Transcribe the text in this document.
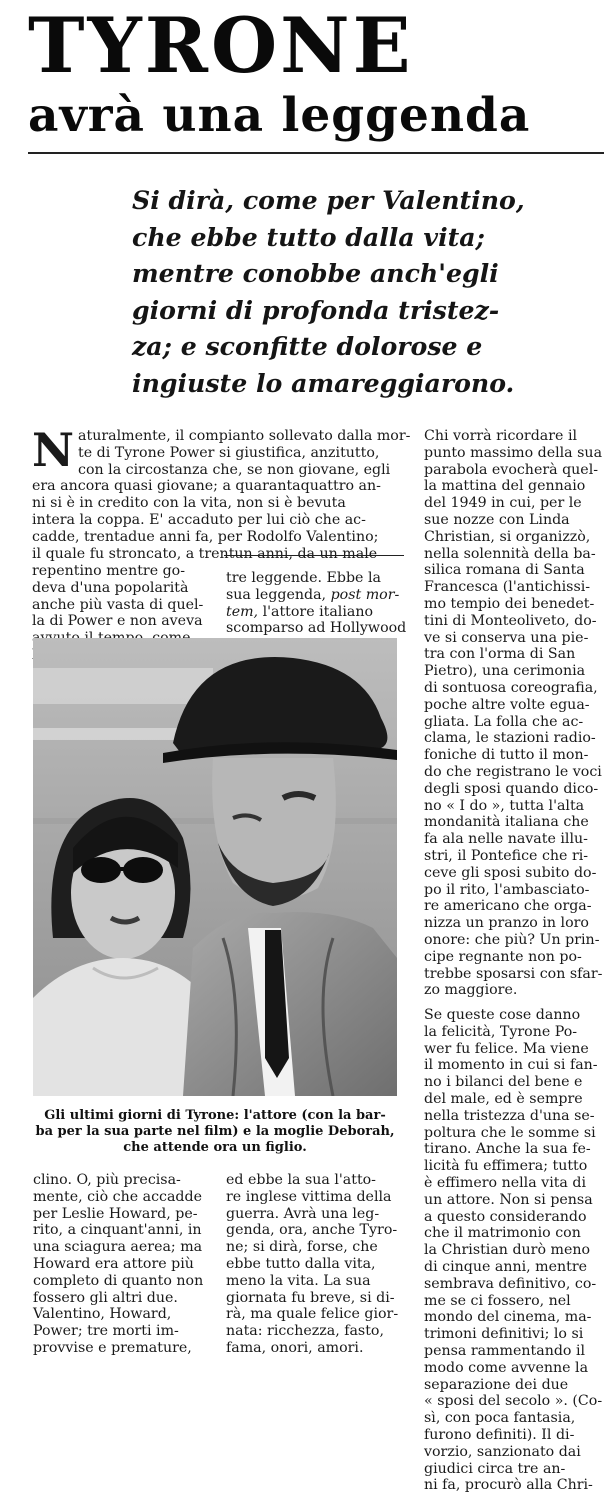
TYRONE
avrà una leggenda
Si dirà, come per Valentino,
che ebbe tutto dalla vita;
mentre conobbe anch'egli
giorni di profonda tristez-
za; e sconfitte dolorose e
ingiuste lo amareggiarono.
N aturalmente, il compianto sollevato dalla mor-
te di Tyrone Power si giustifica, anzitutto,
con la circostanza che, se non giovane, egli
era ancora quasi giovane; a quarantaquattro an-
ni si è in credito con la vita, non si è bevuta
intera la coppa. E' accaduto per lui ciò che ac-
cadde, trentadue anni fa, per Rodolfo Valentino;
il quale fu stroncato, a trentun anni, da un male
repentino mentre go-
deva d'una popolarità
anche più vasta di quel-
la di Power e non aveva
tre leggende. Ebbe la
sua leggenda, post mor-
tem, l'attore italiano
scomparso ad Hollywood
Chi vorrà ricordare il
punto massimo della sua
parabola evocherà quel-
la mattina del gennaio
del 1949 in cui, per le
sue nozze con Linda
Christian, si organizzò,
nella solennità della ba-
silica romana di Santa
Francesca (l'antichissi-
mo tempio dei benedet-
tini di Monteoliveto, do-
ve si conserva una pie-
tra con l'orma di San
Pietro), una cerimonia
di sontuosa coreografia,
poche altre volte egua-
gliata. La folla che ac-
clama, le stazioni radio-
foniche di tutto il mon-
do che registrano le voci
degli sposi quando dico-
no « I do », tutta l'alta
mondanità italiana che
fa ala nelle navate illu-
stri, il Pontefice che ri-
ceve gli sposi subito do-
po il rito, l'ambasciato-
re americano che orga-
nizza un pranzo in loro
onore: che più? Un prin-
cipe regnante non po-
trebbe sposarsi con sfar-
zo maggiore.
Se queste cose danno
la felicità, Tyrone Po-
wer fu felice. Ma viene
il momento in cui si fan-
no i bilanci del bene e
del male, ed è sempre
nella tristezza d'una se-
poltura che le somme si
tirano. Anche la sua fe-
licità fu effimera; tutto
è effimero nella vita di
un attore. Non si pensa
a questo considerando
che il matrimonio con
la Christian durò meno
di cinque anni, mentre
sembrava definitivo, co-
me se ci fossero, nel
mondo del cinema, ma-
trimoni definitivi; lo si
pensa rammentando il
modo come avvenne la
separazione dei due
« sposi del secolo ». (Co-
sì, con poca fantasia,
furono definiti). Il di-
vorzio, sanzionato dai
giudici circa tre an-
ni fa, procurò alla Chri-
Gli ultimi giorni di Tyrone: l'attore (con la bar-
ba per la sua parte nel film) e la moglie Deborah,
che attende ora un figlio.
clino. O, più precisa-
mente, ciò che accadde
per Leslie Howard, pe-
rito, a cinquant'anni, in
una sciagura aerea; ma
Howard era attore più
completo di quanto non
fossero gli altri due.
Valentino, Howard,
Power; tre morti im-
provvise e premature,
ed ebbe la sua l'atto-
re inglese vittima della
guerra. Avrà una leg-
genda, ora, anche Tyro-
ne; si dirà, forse, che
ebbe tutto dalla vita,
meno la vita. La sua
giornata fu breve, si di-
rà, ma quale felice gior-
nata: ricchezza, fasto,
fama, onori, amori.
